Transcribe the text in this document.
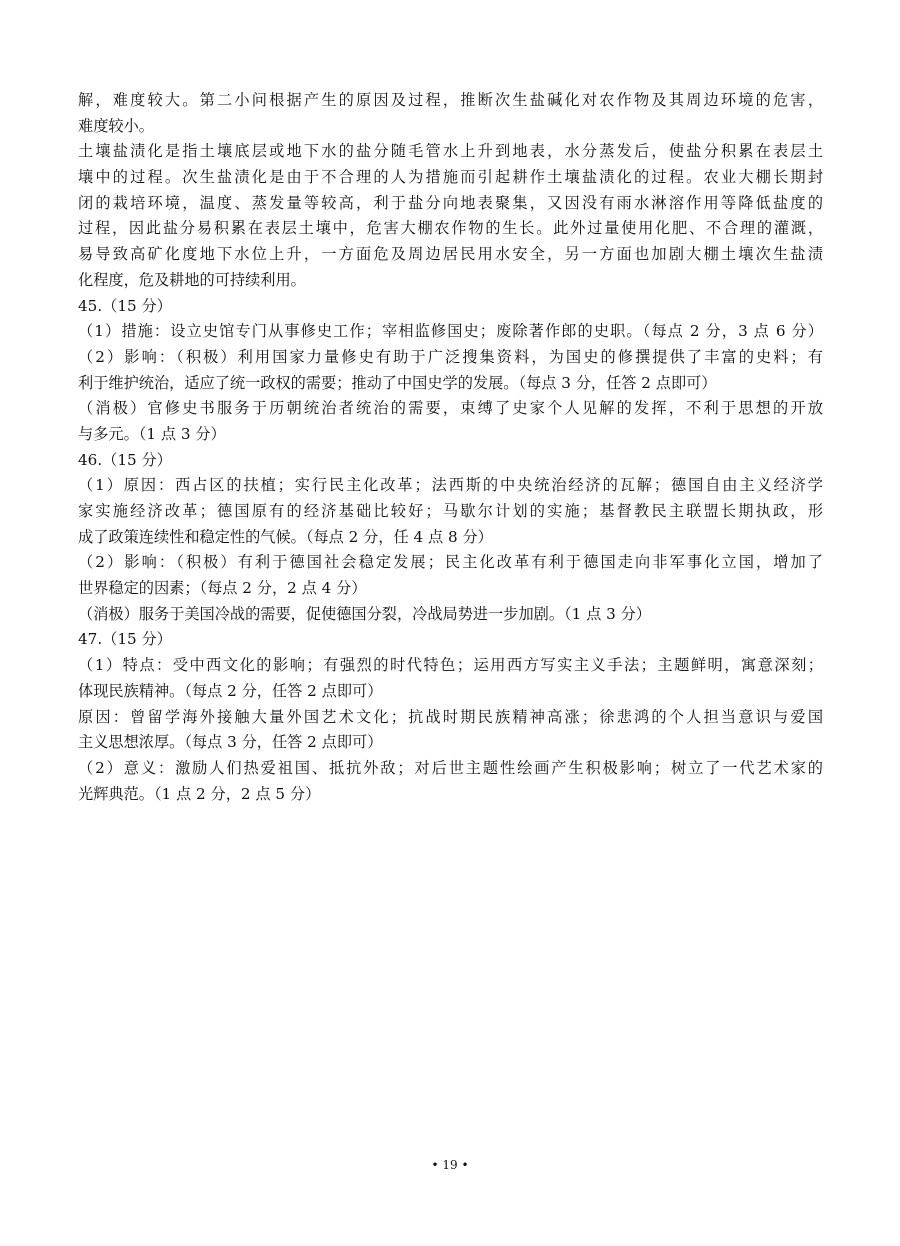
解，难度较大。第二小问根据产生的原因及过程，推断次生盐碱化对农作物及其周边环境的危害，
难度较小。
土壤盐渍化是指土壤底层或地下水的盐分随毛管水上升到地表，水分蒸发后，使盐分积累在表层土
壤中的过程。次生盐渍化是由于不合理的人为措施而引起耕作土壤盐渍化的过程。农业大棚长期封
闭的栽培环境，温度、蒸发量等较高，利于盐分向地表聚集，又因没有雨水淋溶作用等降低盐度的
过程，因此盐分易积累在表层土壤中，危害大棚农作物的生长。此外过量使用化肥、不合理的灌溉，
易导致高矿化度地下水位上升，一方面危及周边居民用水安全，另一方面也加剧大棚土壤次生盐渍
化程度，危及耕地的可持续利用。
45.（15 分）
（1）措施：设立史馆专门从事修史工作；宰相监修国史；废除著作郎的史职。（每点 2 分，3 点 6 分）
（2）影响：（积极）利用国家力量修史有助于广泛搜集资料，为国史的修撰提供了丰富的史料；有
利于维护统治，适应了统一政权的需要；推动了中国史学的发展。（每点 3 分，任答 2 点即可）
（消极）官修史书服务于历朝统治者统治的需要，束缚了史家个人见解的发挥，不利于思想的开放
与多元。（1 点 3 分）
46.（15 分）
（1）原因：西占区的扶植；实行民主化改革；法西斯的中央统治经济的瓦解；德国自由主义经济学
家实施经济改革；德国原有的经济基础比较好；马歇尔计划的实施；基督教民主联盟长期执政，形
成了政策连续性和稳定性的气候。（每点 2 分，任 4 点 8 分）
（2）影响：（积极）有利于德国社会稳定发展；民主化改革有利于德国走向非军事化立国，增加了
世界稳定的因素；（每点 2 分，2 点 4 分）
（消极）服务于美国冷战的需要，促使德国分裂，冷战局势进一步加剧。（1 点 3 分）
47.（15 分）
（1）特点：受中西文化的影响；有强烈的时代特色；运用西方写实主义手法；主题鲜明，寓意深刻；
体现民族精神。（每点 2 分，任答 2 点即可）
原因：曾留学海外接触大量外国艺术文化；抗战时期民族精神高涨；徐悲鸿的个人担当意识与爱国
主义思想浓厚。（每点 3 分，任答 2 点即可）
（2）意义：激励人们热爱祖国、抵抗外敌；对后世主题性绘画产生积极影响；树立了一代艺术家的
光辉典范。（1 点 2 分，2 点 5 分）
• 19 •
